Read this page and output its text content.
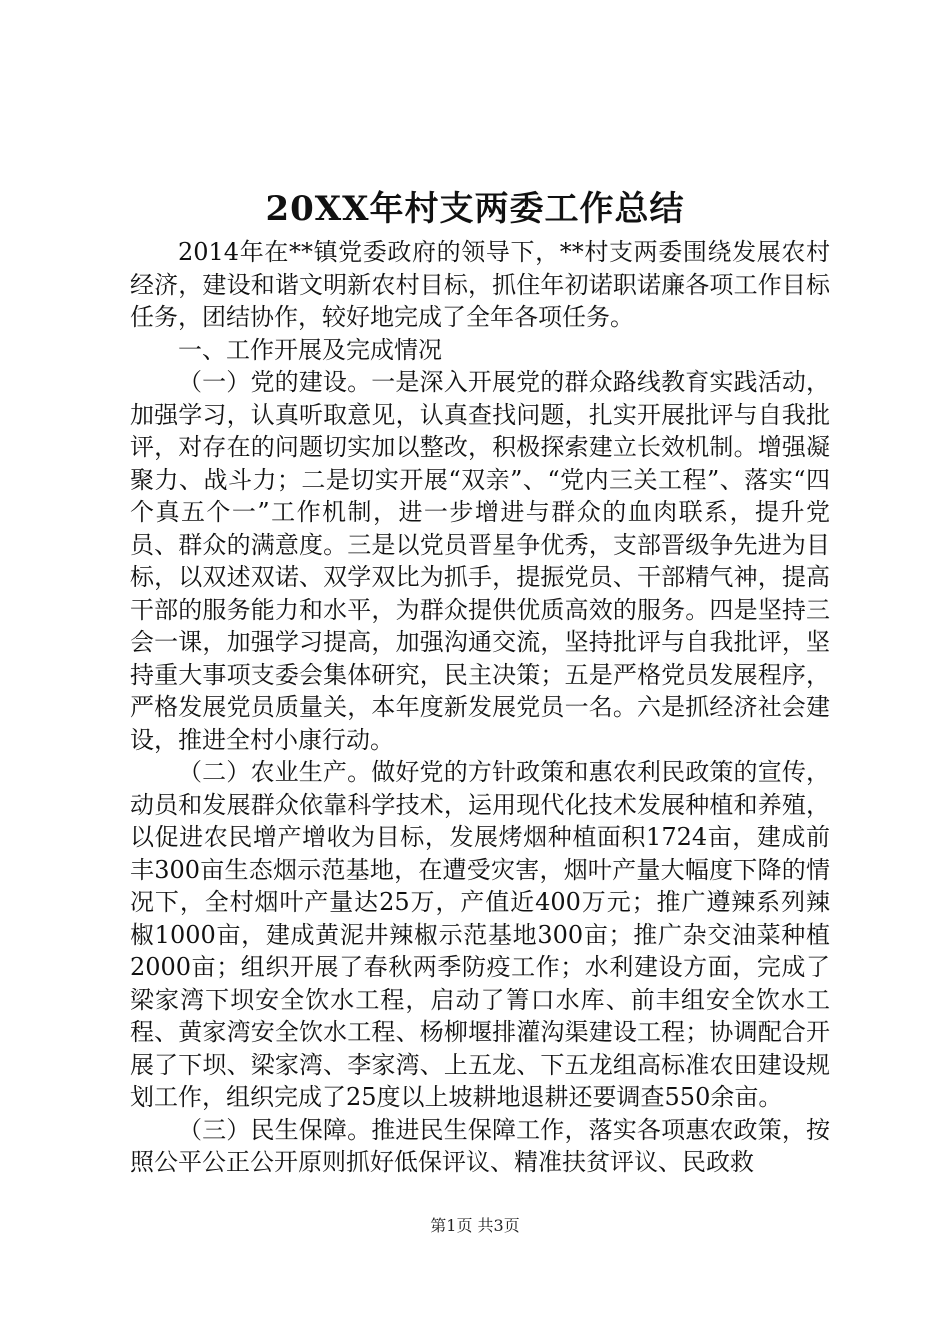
20XX年村支两委工作总结

2014年在**镇党委政府的领导下，**村支两委围绕发展农村经济，建设和谐文明新农村目标，抓住年初诺职诺廉各项工作目标任务，团结协作，较好地完成了全年各项任务。

一、工作开展及完成情况

（一）党的建设。一是深入开展党的群众路线教育实践活动，加强学习，认真听取意见，认真查找问题，扎实开展批评与自我批评，对存在的问题切实加以整改，积极探索建立长效机制。增强凝聚力、战斗力；二是切实开展“双亲”、“党内三关工程”、落实“四个真五个一”工作机制，进一步增进与群众的血肉联系，提升党员、群众的满意度。三是以党员晋星争优秀，支部晋级争先进为目标，以双述双诺、双学双比为抓手，提振党员、干部精气神，提高干部的服务能力和水平，为群众提供优质高效的服务。四是坚持三会一课，加强学习提高，加强沟通交流，坚持批评与自我批评，坚持重大事项支委会集体研究，民主决策；五是严格党员发展程序，严格发展党员质量关，本年度新发展党员一名。六是抓经济社会建设，推进全村小康行动。

（二）农业生产。做好党的方针政策和惠农利民政策的宣传，动员和发展群众依靠科学技术，运用现代化技术发展种植和养殖，以促进农民增产增收为目标，发展烤烟种植面积1724亩，建成前丰300亩生态烟示范基地，在遭受灾害，烟叶产量大幅度下降的情况下，全村烟叶产量达25万，产值近400万元；推广遵辣系列辣椒1000亩，建成黄泥井辣椒示范基地300亩；推广杂交油菜种植2000亩；组织开展了春秋两季防疫工作；水利建设方面，完成了梁家湾下坝安全饮水工程，启动了箐口水库、前丰组安全饮水工程、黄家湾安全饮水工程、杨柳堰排灌沟渠建设工程；协调配合开展了下坝、梁家湾、李家湾、上五龙、下五龙组高标准农田建设规划工作，组织完成了25度以上坡耕地退耕还要调查550余亩。

（三）民生保障。推进民生保障工作，落实各项惠农政策，按照公平公正公开原则抓好低保评议、精准扶贫评议、民政救

第1页 共3页
